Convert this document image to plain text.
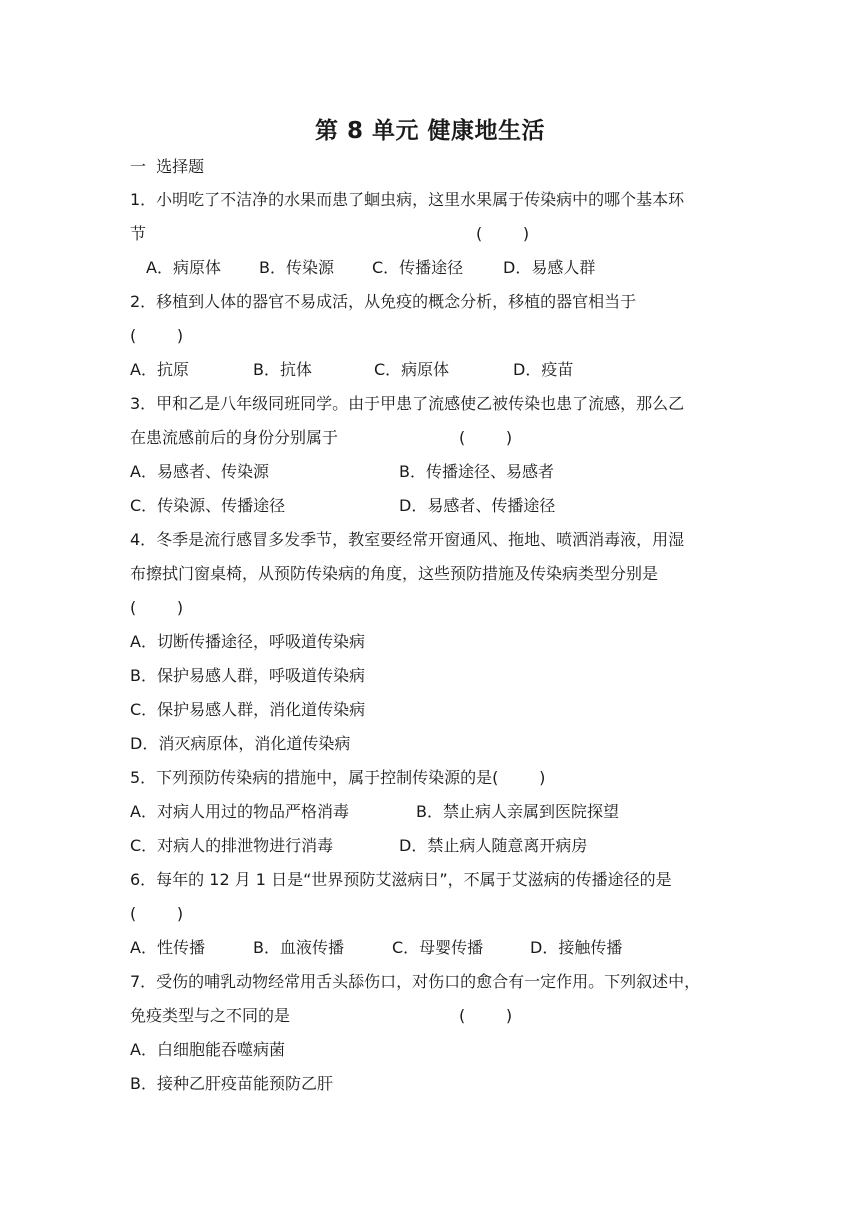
第 8 单元 健康地生活
一  选择题
1．小明吃了不洁净的水果而患了蛔虫病，这里水果属于传染病中的哪个基本环
节	(        )
A．病原体 B．传染源 C．传播途径 D．易感人群
2．移植到人体的器官不易成活，从免疫的概念分析，移植的器官相当于
(        )
A．抗原	B．抗体	C．病原体	D．疫苗
3．甲和乙是八年级同班同学。由于甲患了流感使乙被传染也患了流感，那么乙
在患流感前后的身份分别属于	(        )
A．易感者、传染源	B．传播途径、易感者
C．传染源、传播途径	D．易感者、传播途径
4．冬季是流行感冒多发季节，教室要经常开窗通风、拖地、喷洒消毒液，用湿
布擦拭门窗桌椅，从预防传染病的角度，这些预防措施及传染病类型分别是
(        )
A．切断传播途径，呼吸道传染病
B．保护易感人群，呼吸道传染病
C．保护易感人群，消化道传染病
D．消灭病原体，消化道传染病
5．下列预防传染病的措施中，属于控制传染源的是(        )
A．对病人用过的物品严格消毒	B．禁止病人亲属到医院探望
C．对病人的排泄物进行消毒	D．禁止病人随意离开病房
6．每年的 12 月 1 日是“世界预防艾滋病日”，不属于艾滋病的传播途径的是
(        )
A．性传播	B．血液传播	C．母婴传播	D．接触传播
7．受伤的哺乳动物经常用舌头舔伤口，对伤口的愈合有一定作用。下列叙述中，
免疫类型与之不同的是	(        )
A．白细胞能吞噬病菌
B．接种乙肝疫苗能预防乙肝
